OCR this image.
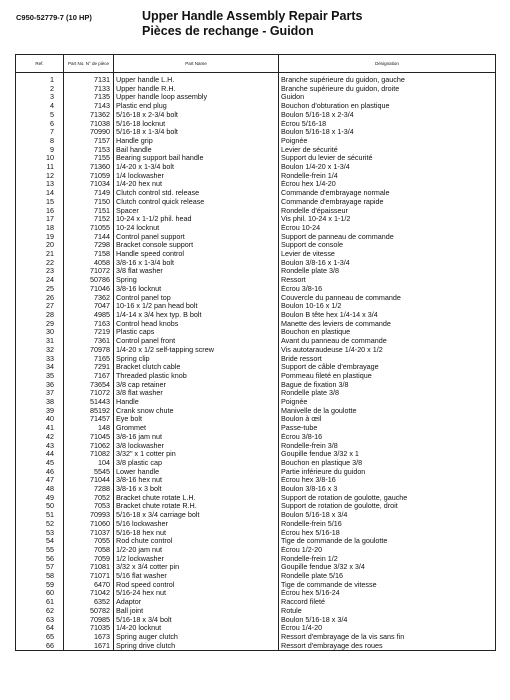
C950-52779-7 (10 HP)	Upper Handle Assembly Repair Parts
Pièces de rechange - Guidon
Ref.	Part No. N° de pièce	Part Name	Désignation
1	7131	Upper handle L.H.	Branche supérieure du guidon, gauche
2	7133	Upper handle R.H.	Branche supérieure du guidon, droite
3	7135	Upper handle loop assembly	Guidon
4	7143	Plastic end plug	Bouchon d'obturation en plastique
5	71362	5/16-18 x 2-3/4 bolt	Boulon 5/16-18 x 2-3/4
6	71038	5/16-18 locknut	Écrou 5/16-18
7	70990	5/16-18 x 1-3/4 bolt	Boulon 5/16-18 x 1-3/4
8	7157	Handle grip	Poignée
9	7153	Bail handle	Levier de sécurité
10	7155	Bearing support bail handle	Support du levier de sécurité
11	71360	1/4-20 x 1-3/4 bolt	Boulon 1/4-20 x 1-3/4
12	71059	1/4 lockwasher	Rondelle-frein 1/4
13	71034	1/4-20 hex nut	Écrou hex 1/4-20
14	7149	Clutch control std. release	Commande d'embrayage normale
15	7150	Clutch control quick release	Commande d'embrayage rapide
16	7151	Spacer	Rondelle d'épaisseur
17	7152	10-24 x 1-1/2 phil. head	Vis phil. 10-24 x 1-1/2
18	71055	10-24 locknut	Écrou 10-24
19	7144	Control panel support	Support de panneau de commande
20	7298	Bracket console support	Support de console
21	7158	Handle speed control	Levier de vitesse
22	4058	3/8-16 x 1-3/4 bolt	Boulon 3/8-16 x 1-3/4
23	71072	3/8 flat washer	Rondelle plate 3/8
24	50786	Spring	Ressort
25	71046	3/8-16 locknut	Écrou 3/8-16
26	7362	Control panel top	Couvercle du panneau de commande
27	7047	10-16 x 1/2 pan head bolt	Boulon 10-16 x 1/2
28	4985	1/4-14 x 3/4 hex typ. B bolt	Boulon B tête hex 1/4-14 x 3/4
29	7163	Control head knobs	Manette des leviers de commande
30	7219	Plastic caps	Bouchon en plastique
31	7361	Control panel front	Avant du panneau de commande
32	70978	1/4-20 x 1/2 self-tapping screw	Vis autotaraudeuse 1/4-20 x 1/2
33	7165	Spring clip	Bride ressort
34	7291	Bracket clutch cable	Support de câble d'embrayage
35	7167	Threaded plastic knob	Pommeau fileté en plastique
36	73654	3/8 cap retainer	Bague de fixation 3/8
37	71072	3/8 flat washer	Rondelle plate 3/8
38	51443	Handle	Poignée
39	85192	Crank snow chute	Manivelle de la goulotte
40	71457	Eye bolt	Boulon à œil
41	148	Grommet	Passe-tube
42	71045	3/8-16 jam nut	Écrou 3/8-16
43	71062	3/8 lockwasher	Rondelle-frein 3/8
44	71082	3/32" x 1 cotter pin	Goupille fendue 3/32 x 1
45	104	3/8 plastic cap	Bouchon en plastique 3/8
46	5545	Lower handle	Partie inférieure du guidon
47	71044	3/8-16 hex nut	Écrou hex 3/8-16
48	7288	3/8-16 x 3 bolt	Boulon 3/8-16 x 3
49	7052	Bracket chute rotate L.H.	Support de rotation de goulotte, gauche
50	7053	Bracket chute rotate R.H.	Support de rotation de goulotte, droit
51	70993	5/16-18 x 3/4 carriage bolt	Boulon 5/16-18 x 3/4
52	71060	5/16 lockwasher	Rondelle-frein 5/16
53	71037	5/16-18 hex nut	Écrou hex 5/16-18
54	7055	Rod chute control	Tige de commande de la goulotte
55	7058	1/2-20 jam nut	Écrou 1/2-20
56	7059	1/2 lockwasher	Rondelle-frein 1/2
57	71081	3/32 x 3/4 cotter pin	Goupille fendue 3/32 x 3/4
58	71071	5/16 flat washer	Rondelle plate 5/16
59	6470	Rod speed control	Tige de commande de vitesse
60	71042	5/16-24 hex nut	Écrou hex 5/16-24
61	6352	Adaptor	Raccord fileté
62	50782	Ball joint	Rotule
63	70985	5/16-18 x 3/4 bolt	Boulon 5/16-18 x 3/4
64	71035	1/4-20 locknut	Écrou 1/4-20
65	1673	Spring auger clutch	Ressort d'embrayage de la vis sans fin
66	1671	Spring drive clutch	Ressort d'embrayage des roues
